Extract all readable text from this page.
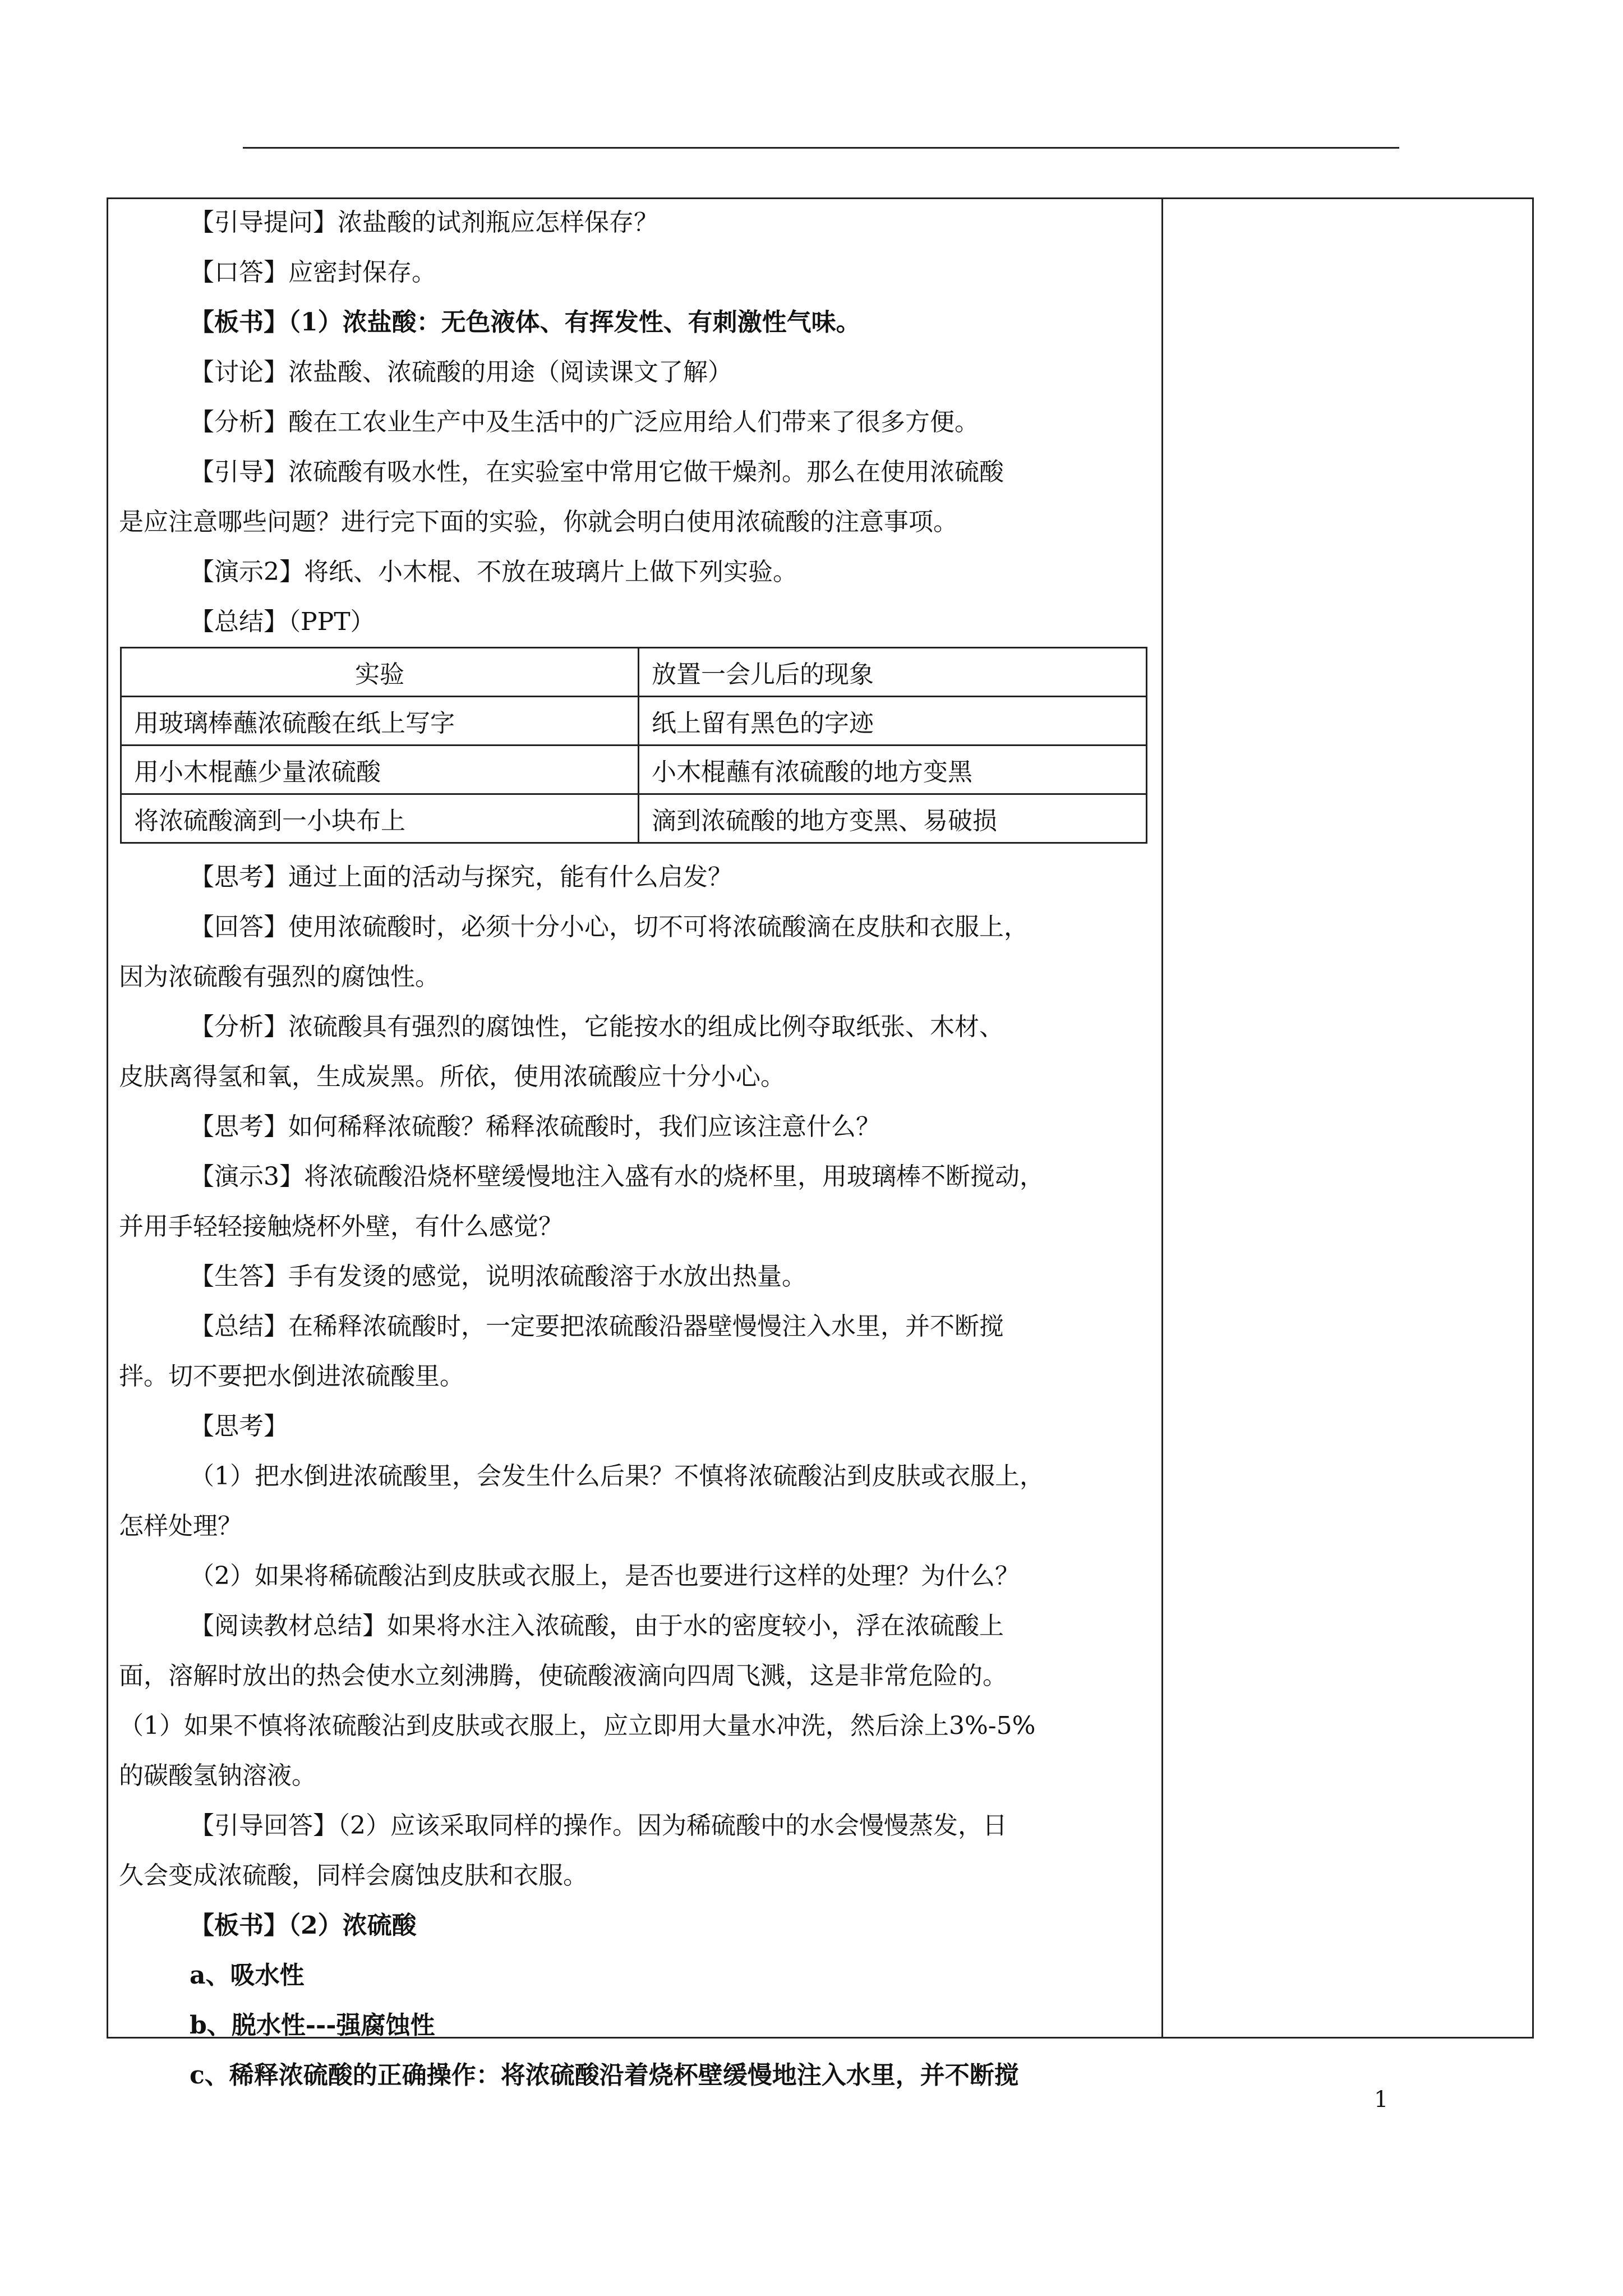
【引导提问】浓盐酸的试剂瓶应怎样保存？
【口答】应密封保存。
【板书】（1）浓盐酸：无色液体、有挥发性、有刺激性气味。
【讨论】浓盐酸、浓硫酸的用途（阅读课文了解）
【分析】酸在工农业生产中及生活中的广泛应用给人们带来了很多方便。
【引导】浓硫酸有吸水性，在实验室中常用它做干燥剂。那么在使用浓硫酸
是应注意哪些问题？进行完下面的实验，你就会明白使用浓硫酸的注意事项。
【演示2】将纸、小木棍、不放在玻璃片上做下列实验。
【总结】（PPT）
实验	放置一会儿后的现象
用玻璃棒蘸浓硫酸在纸上写字	纸上留有黑色的字迹
用小木棍蘸少量浓硫酸	小木棍蘸有浓硫酸的地方变黑
将浓硫酸滴到一小块布上	滴到浓硫酸的地方变黑、易破损
【思考】通过上面的活动与探究，能有什么启发？
【回答】使用浓硫酸时，必须十分小心，切不可将浓硫酸滴在皮肤和衣服上，
因为浓硫酸有强烈的腐蚀性。
【分析】浓硫酸具有强烈的腐蚀性，它能按水的组成比例夺取纸张、木材、
皮肤离得氢和氧，生成炭黑。所依，使用浓硫酸应十分小心。
【思考】如何稀释浓硫酸？稀释浓硫酸时，我们应该注意什么？
【演示3】将浓硫酸沿烧杯壁缓慢地注入盛有水的烧杯里，用玻璃棒不断搅动，
并用手轻轻接触烧杯外壁，有什么感觉？
【生答】手有发烫的感觉，说明浓硫酸溶于水放出热量。
【总结】在稀释浓硫酸时，一定要把浓硫酸沿器壁慢慢注入水里，并不断搅
拌。切不要把水倒进浓硫酸里。
【思考】
（1）把水倒进浓硫酸里，会发生什么后果？不慎将浓硫酸沾到皮肤或衣服上，
怎样处理？
（2）如果将稀硫酸沾到皮肤或衣服上，是否也要进行这样的处理？为什么？
【阅读教材总结】如果将水注入浓硫酸，由于水的密度较小，浮在浓硫酸上
面，溶解时放出的热会使水立刻沸腾，使硫酸液滴向四周飞溅，这是非常危险的。
（1）如果不慎将浓硫酸沾到皮肤或衣服上，应立即用大量水冲洗，然后涂上3%-5%
的碳酸氢钠溶液。
【引导回答】（2）应该采取同样的操作。因为稀硫酸中的水会慢慢蒸发，日
久会变成浓硫酸，同样会腐蚀皮肤和衣服。
【板书】（2）浓硫酸
a、吸水性
b、脱水性---强腐蚀性
c、稀释浓硫酸的正确操作：将浓硫酸沿着烧杯壁缓慢地注入水里，并不断搅
1
